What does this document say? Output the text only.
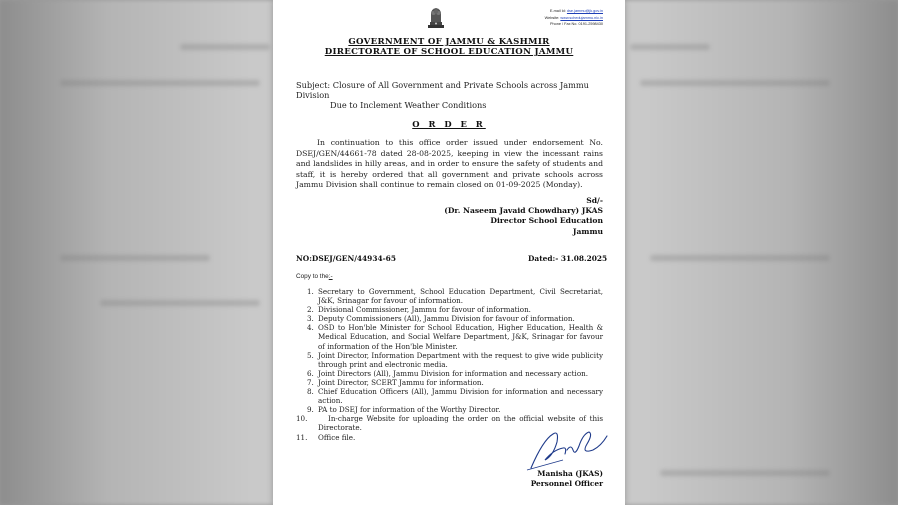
E-mail Id: dse.jammu@jk.gov.in
Website: www.schedujammu.nic.in
Phone / Fax No. 0191-2598430
GOVERNMENT OF JAMMU & KASHMIR
DIRECTORATE OF SCHOOL EDUCATION JAMMU
Subject: Closure of All Government and Private Schools across Jammu Division
Due to Inclement Weather Conditions
O R D E R
In continuation to this office order issued under endorsement No. DSEJ/GEN/44661-78 dated 28-08-2025, keeping in view the incessant rains and landslides in hilly areas, and in order to ensure the safety of students and staff, it is hereby ordered that all government and private schools across Jammu Division shall continue to remain closed on 01-09-2025 (Monday).
Sd/-
(Dr. Naseem Javaid Chowdhary) JKAS
Director School Education
Jammu
NO:DSEJ/GEN/44934-65	Dated:- 31.08.2025
Copy to the:-
1. Secretary to Government, School Education Department, Civil Secretariat, J&K, Srinagar for favour of information.
2. Divisional Commissioner, Jammu for favour of information.
3. Deputy Commissioners (All), Jammu Division for favour of information.
4. OSD to Hon'ble Minister for School Education, Higher Education, Health & Medical Education, and Social Welfare Department, J&K, Srinagar for favour of information of the Hon'ble Minister.
5. Joint Director, Information Department with the request to give wide publicity through print and electronic media.
6. Joint Directors (All), Jammu Division for information and necessary action.
7. Joint Director, SCERT Jammu for information.
8. Chief Education Officers (All), Jammu Division for information and necessary action.
9. PA to DSEJ for information of the Worthy Director.
10.	In-charge Website for uploading the order on the official website of this Directorate.
11. Office file.
Manisha (JKAS)
Personnel Officer
